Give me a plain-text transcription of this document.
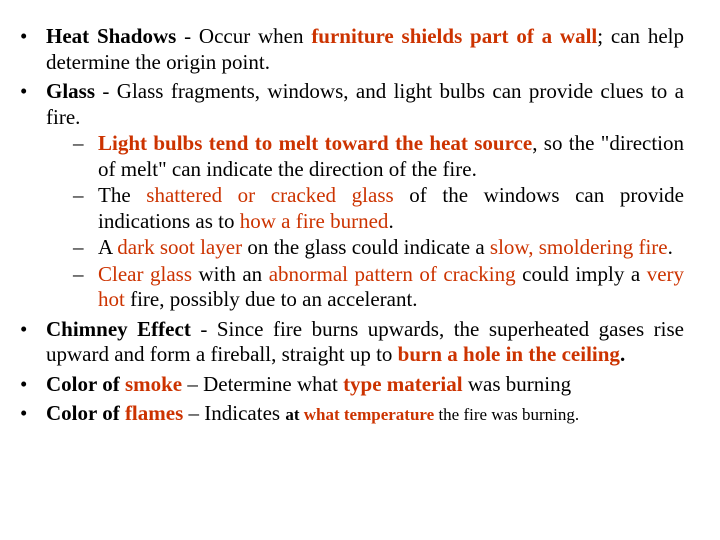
• Heat Shadows - Occur when furniture shields part of a wall; can help determine the origin point.
• Glass - Glass fragments, windows, and light bulbs can provide clues to a fire.
– Light bulbs tend to melt toward the heat source, so the "direction of melt" can indicate the direction of the fire.
– The shattered or cracked glass of the windows can provide indications as to how a fire burned.
– A dark soot layer on the glass could indicate a slow, smoldering fire.
– Clear glass with an abnormal pattern of cracking could imply a very hot fire, possibly due to an accelerant.
• Chimney Effect - Since fire burns upwards, the superheated gases rise upward and form a fireball, straight up to burn a hole in the ceiling.
• Color of smoke – Determine what type material was burning
• Color of flames – Indicates at what temperature the fire was burning.
